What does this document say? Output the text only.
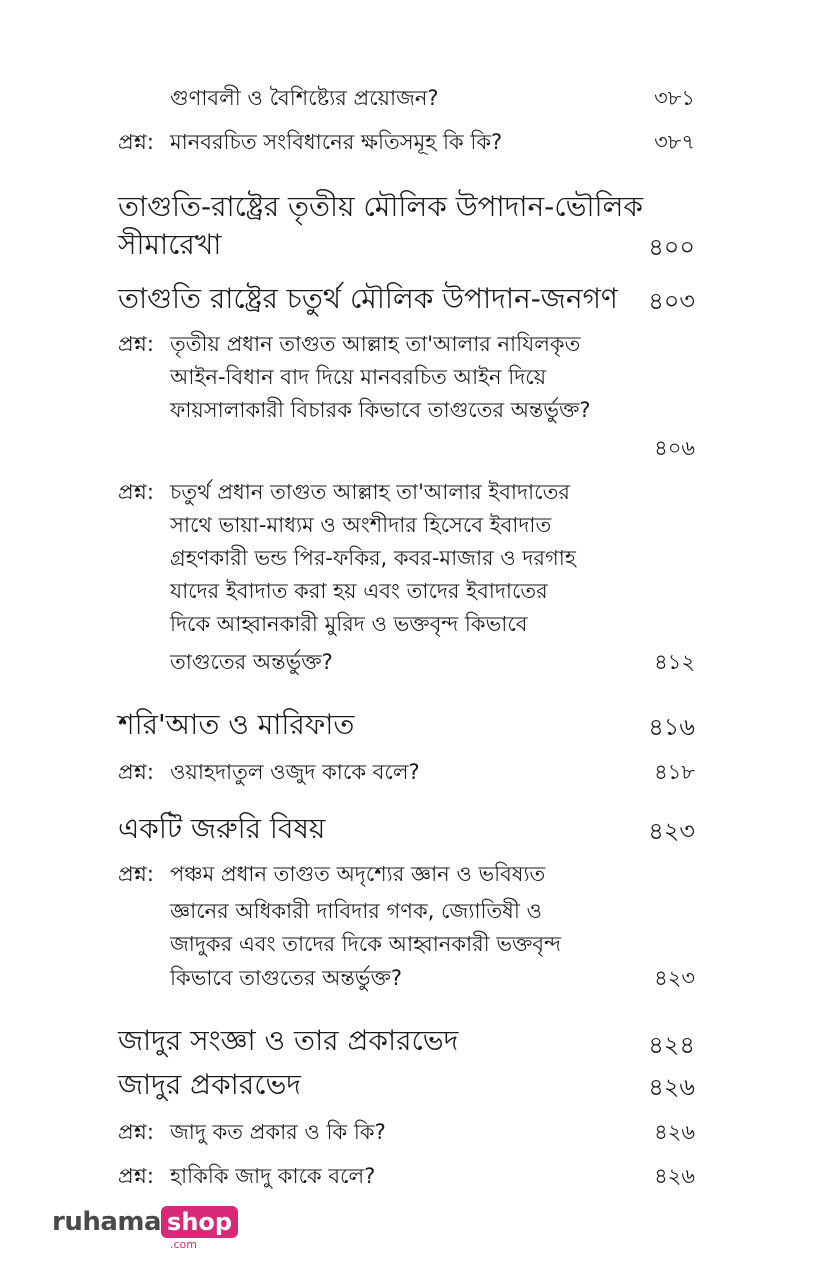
গুণাবলী ও বৈশিষ্ট্যের প্রয়োজন?	৩৮১
প্রশ্ন: মানবরচিত সংবিধানের ক্ষতিসমূহ কি কি?	৩৮৭
তাগুতি-রাষ্ট্রের তৃতীয় মৌলিক উপাদান-ভৌলিক
সীমারেখা	৪০০
তাগুতি রাষ্ট্রের চতুর্থ মৌলিক উপাদান-জনগণ	৪০৩
প্রশ্ন: তৃতীয় প্রধান তাগুত আল্লাহ তা'আলার নাযিলকৃত
আইন-বিধান বাদ দিয়ে মানবরচিত আইন দিয়ে
ফায়সালাকারী বিচারক কিভাবে তাগুতের অন্তর্ভুক্ত?
৪০৬
প্রশ্ন: চতুর্থ প্রধান তাগুত আল্লাহ তা'আলার ইবাদাতের
সাথে ভায়া-মাধ্যম ও অংশীদার হিসেবে ইবাদাত
গ্রহণকারী ভন্ড পির-ফকির, কবর-মাজার ও দরগাহ
যাদের ইবাদাত করা হয় এবং তাদের ইবাদাতের
দিকে আহ্বানকারী মুরিদ ও ভক্তবৃন্দ কিভাবে
তাগুতের অন্তর্ভুক্ত?	৪১২
শরি'আত ও মারিফাত	৪১৬
প্রশ্ন: ওয়াহদাতুল ওজুদ কাকে বলে?	৪১৮
একটি জরুরি বিষয়	৪২৩
প্রশ্ন: পঞ্চম প্রধান তাগুত অদৃশ্যের জ্ঞান ও ভবিষ্যত
জ্ঞানের অধিকারী দাবিদার গণক, জ্যোতিষী ও
জাদুকর এবং তাদের দিকে আহ্বানকারী ভক্তবৃন্দ
কিভাবে তাগুতের অন্তর্ভুক্ত?	৪২৩
জাদুর সংজ্ঞা ও তার প্রকারভেদ	৪২৪
জাদুর প্রকারভেদ	৪২৬
প্রশ্ন: জাদু কত প্রকার ও কি কি?	৪২৬
প্রশ্ন: হাকিকি জাদু কাকে বলে?	৪২৬
ruhama shop
.com
